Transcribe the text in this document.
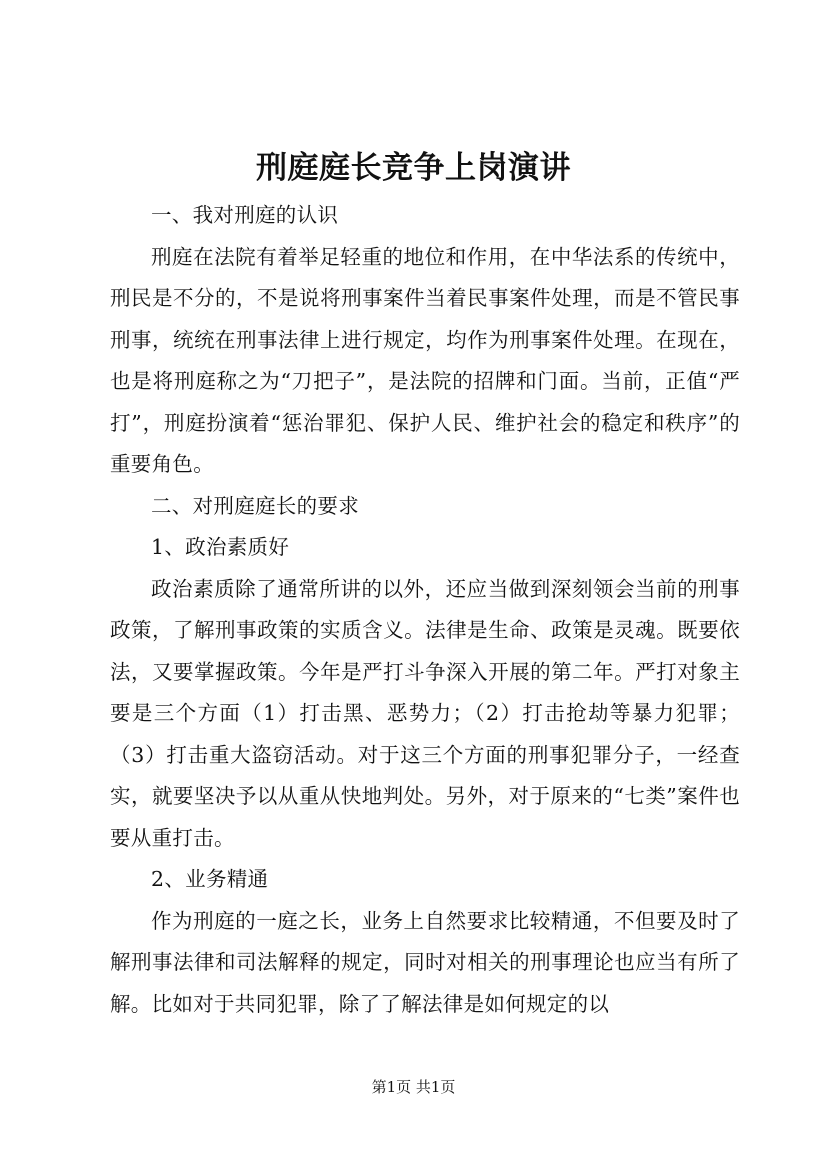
刑庭庭长竞争上岗演讲

一、我对刑庭的认识

刑庭在法院有着举足轻重的地位和作用，在中华法系的传统中，刑民是不分的，不是说将刑事案件当着民事案件处理，而是不管民事刑事，统统在刑事法律上进行规定，均作为刑事案件处理。在现在，也是将刑庭称之为“刀把子”，是法院的招牌和门面。当前，正值“严打”，刑庭扮演着“惩治罪犯、保护人民、维护社会的稳定和秩序”的重要角色。

二、对刑庭庭长的要求

1、政治素质好

政治素质除了通常所讲的以外，还应当做到深刻领会当前的刑事政策，了解刑事政策的实质含义。法律是生命、政策是灵魂。既要依法，又要掌握政策。今年是严打斗争深入开展的第二年。严打对象主要是三个方面（1）打击黑、恶势力；（2）打击抢劫等暴力犯罪；（3）打击重大盗窃活动。对于这三个方面的刑事犯罪分子，一经查实，就要坚决予以从重从快地判处。另外，对于原来的“七类”案件也要从重打击。

2、业务精通

作为刑庭的一庭之长，业务上自然要求比较精通，不但要及时了解刑事法律和司法解释的规定，同时对相关的刑事理论也应当有所了解。比如对于共同犯罪，除了了解法律是如何规定的以

第1页 共1页
